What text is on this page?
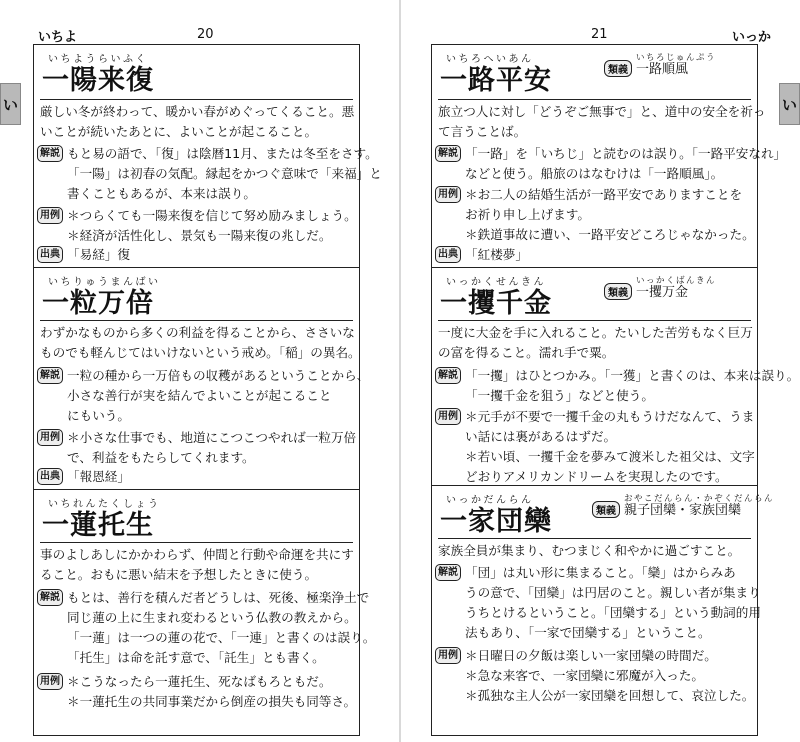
いちよ	20
い
いちようらいふく
一陽来復
厳しい冬が終わって、暖かい春がめぐってくること。悪
いことが続いたあとに、よいことが起こること。
解説 もと易の語で、「復」は陰暦11月、または冬至をさす。
「一陽」は初春の気配。縁起をかつぐ意味で「来福」と
書くこともあるが、本来は誤り。
用例 ＊つらくても一陽来復を信じて努め励みましょう。
＊経済が活性化し、景気も一陽来復の兆しだ。
出典 「易経」復
いちりゅうまんばい
一粒万倍
わずかなものから多くの利益を得ることから、ささいな
ものでも軽んじてはいけないという戒め。「稲」の異名。
解説 一粒の種から一万倍もの収穫があるということから、
小さな善行が実を結んでよいことが起こること
にもいう。
用例 ＊小さな仕事でも、地道にこつこつやれば一粒万倍
で、利益をもたらしてくれます。
出典 「報恩経」
いちれんたくしょう
一蓮托生
事のよしあしにかかわらず、仲間と行動や命運を共にす
ること。おもに悪い結末を予想したときに使う。
解説 もとは、善行を積んだ者どうしは、死後、極楽浄土で
同じ蓮の上に生まれ変わるという仏教の教えから。
「一蓮」は一つの蓮の花で、「一連」と書くのは誤り。
「托生」は命を託す意で、「託生」とも書く。
用例 ＊こうなったら一蓮托生、死なばもろともだ。
＊一蓮托生の共同事業だから倒産の損失も同等さ。
21	いっか
い
いちろへいあん
一路平安	類義
いちろじゅんぷう
一路順風
旅立つ人に対し「どうぞご無事で」と、道中の安全を祈っ
て言うことば。
解説 「一路」を「いちじ」と読むのは誤り。「一路平安なれ」
などと使う。船旅のはなむけは「一路順風」。
用例 ＊お二人の結婚生活が一路平安でありますことを
お祈り申し上げます。
＊鉄道事故に遭い、一路平安どころじゃなかった。
出典 「紅楼夢」
いっかくせんきん
一攫千金	類義
いっかくばんきん
一攫万金
一度に大金を手に入れること。たいした苦労もなく巨万
の富を得ること。濡れ手で粟。
解説 「一攫」はひとつかみ。「一獲」と書くのは、本来は誤り。
「一攫千金を狙う」などと使う。
用例 ＊元手が不要で一攫千金の丸もうけだなんて、うま
い話には裏があるはずだ。
＊若い頃、一攫千金を夢みて渡米した祖父は、文字
どおりアメリカンドリームを実現したのです。
いっかだんらん
一家団欒	類義
おやこだんらん・かぞくだんらん
親子団欒・家族団欒
家族全員が集まり、むつまじく和やかに過ごすこと。
解説 「団」は丸い形に集まること。「欒」はからみあ
うの意で、「団欒」は円居のこと。親しい者が集まり
うちとけるということ。「団欒する」という動詞的用
法もあり、「一家で団欒する」ということ。
用例 ＊日曜日の夕飯は楽しい一家団欒の時間だ。
＊急な来客で、一家団欒に邪魔が入った。
＊孤独な主人公が一家団欒を回想して、哀泣した。
